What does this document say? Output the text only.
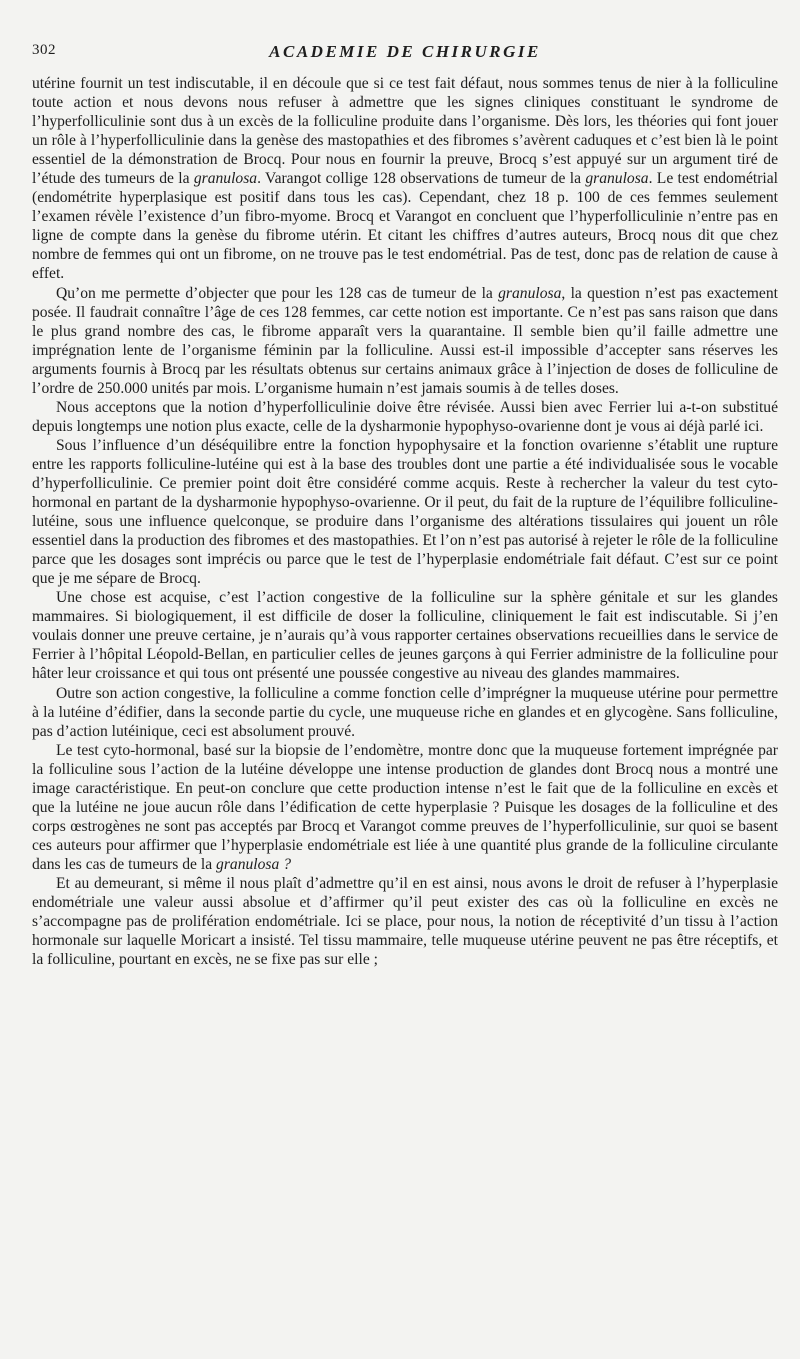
302	ACADEMIE DE CHIRURGIE

utérine fournit un test indiscutable, il en découle que si ce test fait défaut, nous sommes tenus de nier à la folliculine toute action et nous devons nous refuser à admettre que les signes cliniques constituant le syndrome de l’hyperfolliculinie sont dus à un excès de la folliculine produite dans l’organisme. Dès lors, les théories qui font jouer un rôle à l’hyperfolliculinie dans la genèse des mastopathies et des fibromes s’avèrent caduques et c’est bien là le point essentiel de la démonstration de Brocq. Pour nous en fournir la preuve, Brocq s’est appuyé sur un argument tiré de l’étude des tumeurs de la granulosa. Varangot collige 128 observations de tumeur de la granulosa. Le test endométrial (endométrite hyperplasique est positif dans tous les cas). Cependant, chez 18 p. 100 de ces femmes seulement l’examen révèle l’existence d’un fibro-myome. Brocq et Varangot en concluent que l’hyperfolliculinie n’entre pas en ligne de compte dans la genèse du fibrome utérin. Et citant les chiffres d’autres auteurs, Brocq nous dit que chez nombre de femmes qui ont un fibrome, on ne trouve pas le test endométrial. Pas de test, donc pas de relation de cause à effet.

Qu’on me permette d’objecter que pour les 128 cas de tumeur de la granulosa, la question n’est pas exactement posée. Il faudrait connaître l’âge de ces 128 femmes, car cette notion est importante. Ce n’est pas sans raison que dans le plus grand nombre des cas, le fibrome apparaît vers la quarantaine. Il semble bien qu’il faille admettre une imprégnation lente de l’organisme féminin par la folliculine. Aussi est-il impossible d’accepter sans réserves les arguments fournis à Brocq par les résultats obtenus sur certains animaux grâce à l’injection de doses de folliculine de l’ordre de 250.000 unités par mois. L’organisme humain n’est jamais soumis à de telles doses.

Nous acceptons que la notion d’hyperfolliculinie doive être révisée. Aussi bien avec Ferrier lui a-t-on substitué depuis longtemps une notion plus exacte, celle de la dysharmonie hypophyso-ovarienne dont je vous ai déjà parlé ici.

Sous l’influence d’un déséquilibre entre la fonction hypophysaire et la fonction ovarienne s’établit une rupture entre les rapports folliculine-lutéine qui est à la base des troubles dont une partie a été individualisée sous le vocable d’hyperfolliculinie. Ce premier point doit être considéré comme acquis. Reste à rechercher la valeur du test cyto-hormonal en partant de la dysharmonie hypophyso-ovarienne. Or il peut, du fait de la rupture de l’équilibre folliculine-lutéine, sous une influence quelconque, se produire dans l’organisme des altérations tissulaires qui jouent un rôle essentiel dans la production des fibromes et des mastopathies. Et l’on n’est pas autorisé à rejeter le rôle de la folliculine parce que les dosages sont imprécis ou parce que le test de l’hyperplasie endométriale fait défaut. C’est sur ce point que je me sépare de Brocq.

Une chose est acquise, c’est l’action congestive de la folliculine sur la sphère génitale et sur les glandes mammaires. Si biologiquement, il est difficile de doser la folliculine, cliniquement le fait est indiscutable. Si j’en voulais donner une preuve certaine, je n’aurais qu’à vous rapporter certaines observations recueillies dans le service de Ferrier à l’hôpital Léopold-Bellan, en particulier celles de jeunes garçons à qui Ferrier administre de la folliculine pour hâter leur croissance et qui tous ont présenté une poussée congestive au niveau des glandes mammaires.

Outre son action congestive, la folliculine a comme fonction celle d’imprégner la muqueuse utérine pour permettre à la lutéine d’édifier, dans la seconde partie du cycle, une muqueuse riche en glandes et en glycogène. Sans folliculine, pas d’action lutéinique, ceci est absolument prouvé.

Le test cyto-hormonal, basé sur la biopsie de l’endomètre, montre donc que la muqueuse fortement imprégnée par la folliculine sous l’action de la lutéine développe une intense production de glandes dont Brocq nous a montré une image caractéristique. En peut-on conclure que cette production intense n’est le fait que de la folliculine en excès et que la lutéine ne joue aucun rôle dans l’édification de cette hyperplasie ? Puisque les dosages de la folliculine et des corps œstrogènes ne sont pas acceptés par Brocq et Varangot comme preuves de l’hyperfolliculinie, sur quoi se basent ces auteurs pour affirmer que l’hyperplasie endométriale est liée à une quantité plus grande de la folliculine circulante dans les cas de tumeurs de la granulosa ?

Et au demeurant, si même il nous plaît d’admettre qu’il en est ainsi, nous avons le droit de refuser à l’hyperplasie endométriale une valeur aussi absolue et d’affirmer qu’il peut exister des cas où la folliculine en excès ne s’accompagne pas de prolifération endométriale. Ici se place, pour nous, la notion de réceptivité d’un tissu à l’action hormonale sur laquelle Moricart a insisté. Tel tissu mammaire, telle muqueuse utérine peuvent ne pas être réceptifs, et la folliculine, pourtant en excès, ne se fixe pas sur elle ;
